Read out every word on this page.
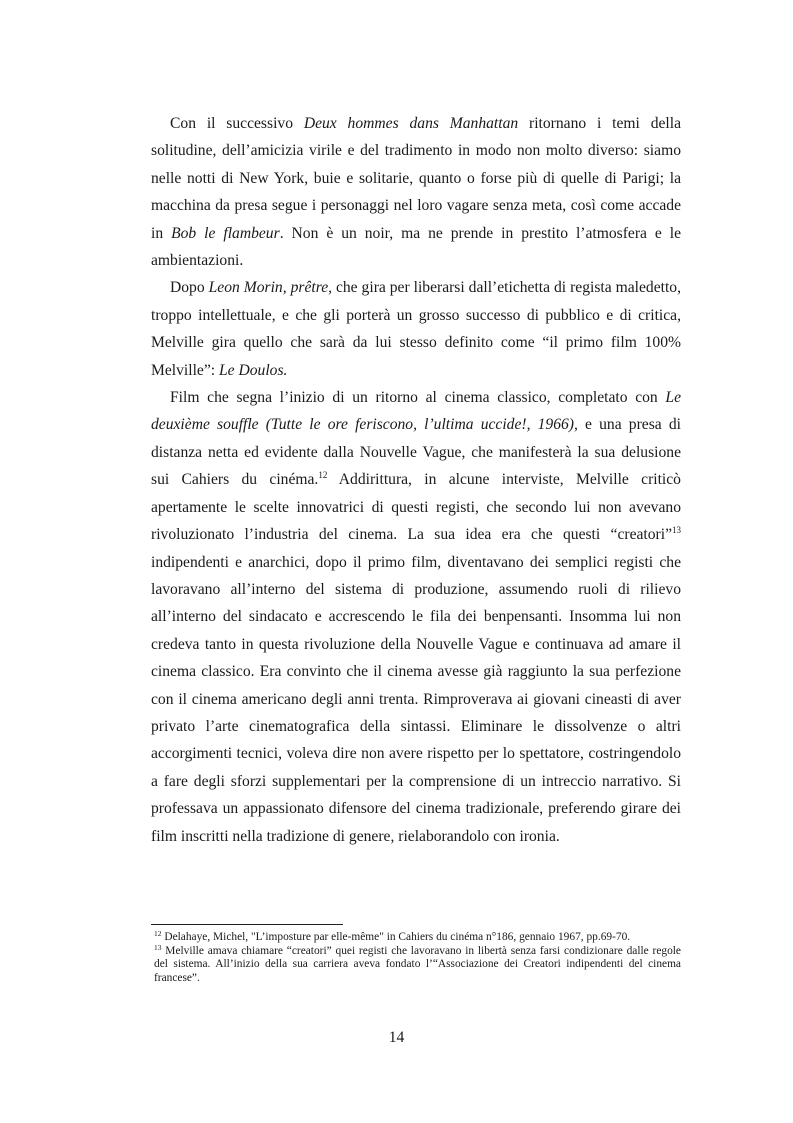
Con il successivo Deux hommes dans Manhattan ritornano i temi della solitudine, dell’amicizia virile e del tradimento in modo non molto diverso: siamo nelle notti di New York, buie e solitarie, quanto o forse più di quelle di Parigi; la macchina da presa segue i personaggi nel loro vagare senza meta, così come accade in Bob le flambeur. Non è un noir, ma ne prende in prestito l’atmosfera e le ambientazioni.

Dopo Leon Morin, prêtre, che gira per liberarsi dall’etichetta di regista maledetto, troppo intellettuale, e che gli porterà un grosso successo di pubblico e di critica, Melville gira quello che sarà da lui stesso definito come “il primo film 100% Melville”: Le Doulos.

Film che segna l’inizio di un ritorno al cinema classico, completato con Le deuxième souffle (Tutte le ore feriscono, l’ultima uccide!, 1966), e una presa di distanza netta ed evidente dalla Nouvelle Vague, che manifesterà la sua delusione sui Cahiers du cinéma.$^{12}$ Addirittura, in alcune interviste, Melville criticò apertamente le scelte innovatrici di questi registi, che secondo lui non avevano rivoluzionato l’industria del cinema. La sua idea era che questi “creatori”$^{13}$ indipendenti e anarchici, dopo il primo film, diventavano dei semplici registi che lavoravano all’interno del sistema di produzione, assumendo ruoli di rilievo all’interno del sindacato e accrescendo le fila dei benpensanti. Insomma lui non credeva tanto in questa rivoluzione della Nouvelle Vague e continuava ad amare il cinema classico. Era convinto che il cinema avesse già raggiunto la sua perfezione con il cinema americano degli anni trenta. Rimproverava ai giovani cineasti di aver privato l’arte cinematografica della sintassi. Eliminare le dissolvenze o altri accorgimenti tecnici, voleva dire non avere rispetto per lo spettatore, costringendolo a fare degli sforzi supplementari per la comprensione di un intreccio narrativo. Si professava un appassionato difensore del cinema tradizionale, preferendo girare dei film inscritti nella tradizione di genere, rielaborandolo con ironia.

$^{12}$ Delahaye, Michel, "L’imposture par elle-même" in Cahiers du cinéma n°186, gennaio 1967, pp.69-70.

$^{13}$ Melville amava chiamare “creatori” quei registi che lavoravano in libertà senza farsi condizionare dalle regole del sistema. All’inizio della sua carriera aveva fondato l’“Associazione dei Creatori indipendenti del cinema francese”.

14
